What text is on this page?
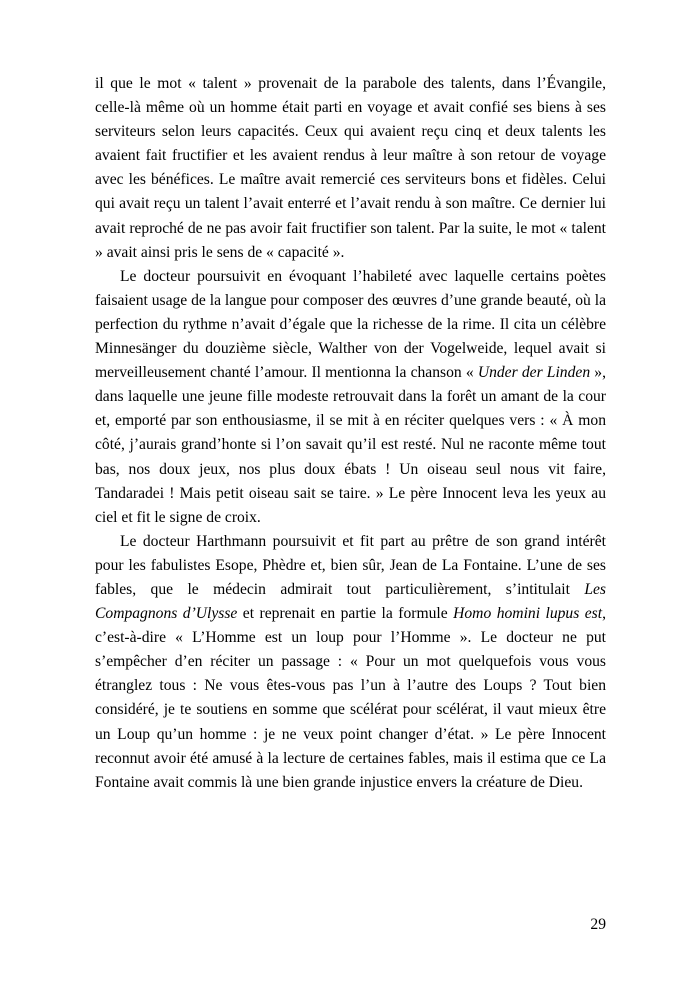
il que le mot « talent » provenait de la parabole des talents, dans l’Évangile, celle-là même où un homme était parti en voyage et avait confié ses biens à ses serviteurs selon leurs capacités. Ceux qui avaient reçu cinq et deux talents les avaient fait fructifier et les avaient rendus à leur maître à son retour de voyage avec les bénéfices. Le maître avait remercié ces serviteurs bons et fidèles. Celui qui avait reçu un talent l’avait enterré et l’avait rendu à son maître. Ce dernier lui avait reproché de ne pas avoir fait fructifier son talent. Par la suite, le mot « talent » avait ainsi pris le sens de « capacité ».

Le docteur poursuivit en évoquant l’habileté avec laquelle certains poètes faisaient usage de la langue pour composer des œuvres d’une grande beauté, où la perfection du rythme n’avait d’égale que la richesse de la rime. Il cita un célèbre Minnesänger du douzième siècle, Walther von der Vogelweide, lequel avait si merveilleusement chanté l’amour. Il mentionna la chanson « Under der Linden », dans laquelle une jeune fille modeste retrouvait dans la forêt un amant de la cour et, emporté par son enthousiasme, il se mit à en réciter quelques vers : « À mon côté, j’aurais grand’honte si l’on savait qu’il est resté. Nul ne raconte même tout bas, nos doux jeux, nos plus doux ébats ! Un oiseau seul nous vit faire, Tandaradei ! Mais petit oiseau sait se taire. » Le père Innocent leva les yeux au ciel et fit le signe de croix.

Le docteur Harthmann poursuivit et fit part au prêtre de son grand intérêt pour les fabulistes Esope, Phèdre et, bien sûr, Jean de La Fontaine. L’une de ses fables, que le médecin admirait tout particulièrement, s’intitulait Les Compagnons d’Ulysse et reprenait en partie la formule Homo homini lupus est, c’est-à-dire « L’Homme est un loup pour l’Homme ». Le docteur ne put s’empêcher d’en réciter un passage : « Pour un mot quelquefois vous vous étranglez tous : Ne vous êtes-vous pas l’un à l’autre des Loups ? Tout bien considéré, je te soutiens en somme que scélérat pour scélérat, il vaut mieux être un Loup qu’un homme : je ne veux point changer d’état. » Le père Innocent reconnut avoir été amusé à la lecture de certaines fables, mais il estima que ce La Fontaine avait commis là une bien grande injustice envers la créature de Dieu.

29
